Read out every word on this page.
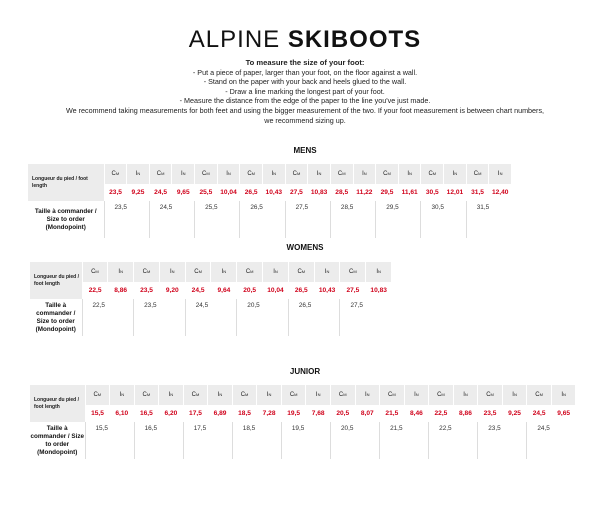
ALPINE SKIBOOTS
To measure the size of your foot:
- Put a piece of paper, larger than your foot, on the floor against a wall.
- Stand on the paper with your back and heels glued to the wall.
- Draw a line marking the longest part of your foot.
- Measure the distance from the edge of the paper to the line you've just made.
We recommend taking measurements for both feet and using the bigger measurement of the two. If your foot measurement is between chart numbers,
we recommend sizing up.
MENS
Longueur du pied / foot length	Cm	In	Cm	In	Cm	In	Cm	In	Cm	In	Cm	In	Cm	In	Cm	In	Cm	In
	23,5	9,25	24,5	9,65	25,5	10,04	26,5	10,43	27,5	10,83	28,5	11,22	29,5	11,61	30,5	12,01	31,5	12,40
Taille à commander / Size to order (Mondopoint)	23,5		24,5		25,5		26,5		27,5		28,5		29,5		30,5		31,5	
WOMENS
Longueur du pied / foot length	Cm	In	Cm	In	Cm	In	Cm	In	Cm	In	Cm	In
	22,5	8,86	23,5	9,20	24,5	9,64	20,5	10,04	26,5	10,43	27,5	10,83
Taille à commander / Size to order (Mondopoint)	22,5		23,5		24,5		20,5		26,5		27,5	
JUNIOR
Longueur du pied / foot length	Cm	In	Cm	In	Cm	In	Cm	In	Cm	In	Cm	In	Cm	In	Cm	In	Cm	In	Cm	In
	15,5	6,10	16,5	6,20	17,5	6,89	18,5	7,28	19,5	7,68	20,5	8,07	21,5	8,46	22,5	8,86	23,5	9,25	24,5	9,65
Taille à commander / Size to order (Mondopoint)	15,5		16,5		17,5		18,5		19,5		20,5		21,5		22,5		23,5		24,5	
